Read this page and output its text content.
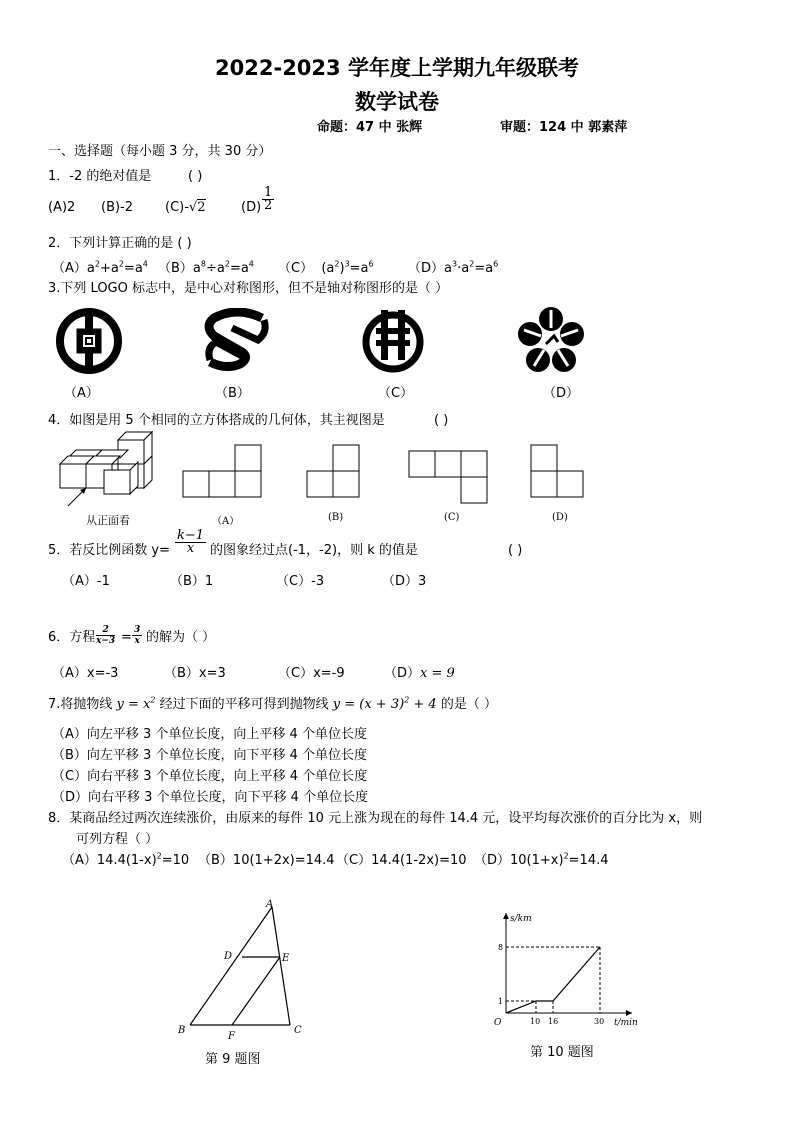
2022-2023 学年度上学期九年级联考
数学试卷
命题：47 中 张辉	审题：124 中 郭素萍
一、选择题（每小题 3 分，共 30 分）
1．-2 的绝对值是	( )
(A)2 (B)-2 (C)-√2	$(D) \frac{1}{2}$
2．下列计算正确的是 ( )
$(A)a^2+a^2=a^4$ $(B)a^8\div a^2=a^4$ （C）  $(a^2)^3=a^6$	$(D)a^3\cdot a^2=a^6$
3.下列 LOGO 标志中，是中心对称图形，但不是轴对称图形的是（ ）
（A）	（B）	（C）	（D）
4．如图是用 5 个相同的立方体搭成的几何体，其主视图是	( )
从正面看	（A）	(B)	(C)	(D)
5．若反比例函数 $y= \frac{k-1}{x}$ 的图象经过点(-1，-2)，则 k 的值是	( )
（A）-1	（B）1	（C）-3	（D）3
6．方程 $\frac{2}{x-3} = \frac{3}{x}$ 的解为（ ）
（A）x=-3	（B）x=3	（C）x=-9	（D）x = 9
7.将抛物线 $y = x^2$ 经过下面的平移可得到抛物线 $y = (x + 3)^2 + 4$ 的是（ ）
（A）向左平移 3 个单位长度，向上平移 4 个单位长度
（B）向左平移 3 个单位长度，向下平移 4 个单位长度
（C）向右平移 3 个单位长度，向上平移 4 个单位长度
（D）向右平移 3 个单位长度，向下平移 4 个单位长度
8．某商品经过两次连续涨价，由原来的每件 10 元上涨为现在的每件 14.4 元，设平均每次涨价的百分比为 x，则
可列方程（ ）
$(A)14.4(1-x)^2=10$ （B）10(1+2x)=14.4 （C）14.4(1-2x)=10 $(D)10(1+x)^2=14.4$
A
B	C
D	E
F
第 9 题图
s/km
t/min
O
1
8
10 16	30
第 10 题图
